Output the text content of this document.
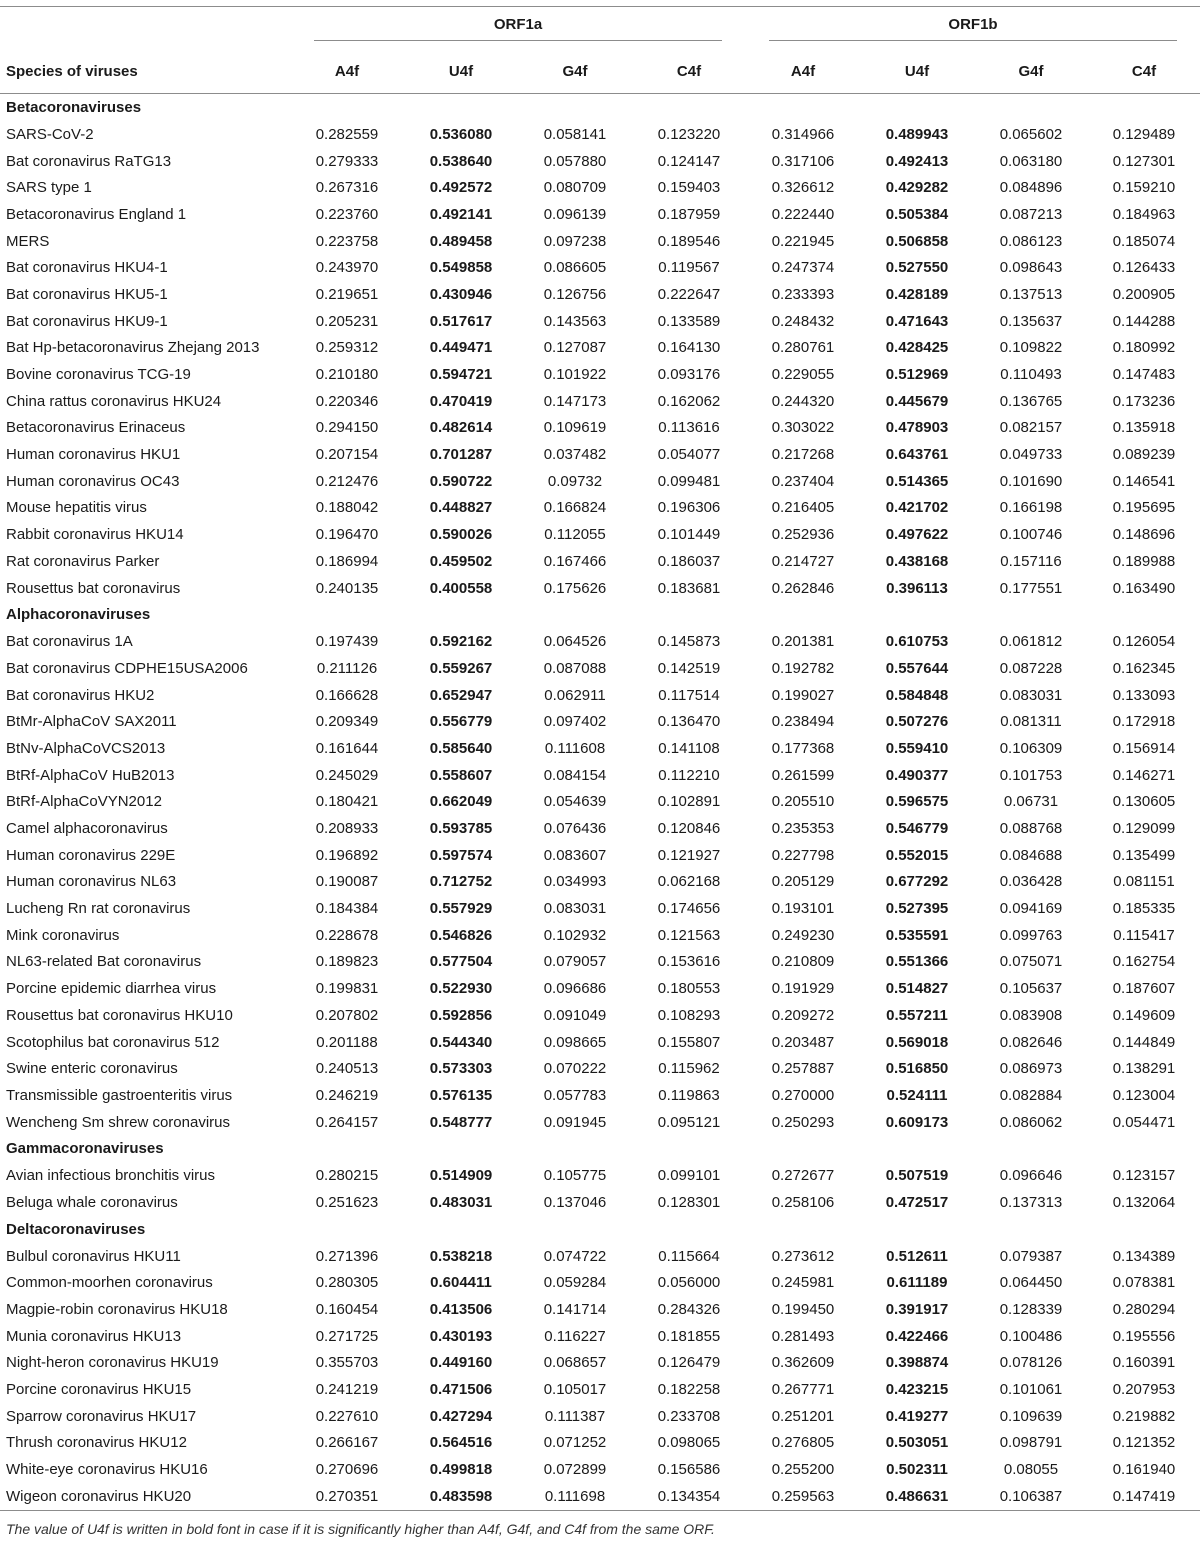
	ORF1a				ORF1b			

Species of viruses	A4f	U4f	G4f	C4f	A4f	U4f	G4f	C4f

Betacoronaviruses								
SARS-CoV-2	0.282559	0.536080	0.058141	0.123220	0.314966	0.489943	0.065602	0.129489
Bat coronavirus RaTG13	0.279333	0.538640	0.057880	0.124147	0.317106	0.492413	0.063180	0.127301
SARS type 1	0.267316	0.492572	0.080709	0.159403	0.326612	0.429282	0.084896	0.159210
Betacoronavirus England 1	0.223760	0.492141	0.096139	0.187959	0.222440	0.505384	0.087213	0.184963
MERS	0.223758	0.489458	0.097238	0.189546	0.221945	0.506858	0.086123	0.185074
Bat coronavirus HKU4-1	0.243970	0.549858	0.086605	0.119567	0.247374	0.527550	0.098643	0.126433
Bat coronavirus HKU5-1	0.219651	0.430946	0.126756	0.222647	0.233393	0.428189	0.137513	0.200905
Bat coronavirus HKU9-1	0.205231	0.517617	0.143563	0.133589	0.248432	0.471643	0.135637	0.144288
Bat Hp-betacoronavirus Zhejang 2013	0.259312	0.449471	0.127087	0.164130	0.280761	0.428425	0.109822	0.180992
Bovine coronavirus TCG-19	0.210180	0.594721	0.101922	0.093176	0.229055	0.512969	0.110493	0.147483
China rattus coronavirus HKU24	0.220346	0.470419	0.147173	0.162062	0.244320	0.445679	0.136765	0.173236
Betacoronavirus Erinaceus	0.294150	0.482614	0.109619	0.113616	0.303022	0.478903	0.082157	0.135918
Human coronavirus HKU1	0.207154	0.701287	0.037482	0.054077	0.217268	0.643761	0.049733	0.089239
Human coronavirus OC43	0.212476	0.590722	0.09732	0.099481	0.237404	0.514365	0.101690	0.146541
Mouse hepatitis virus	0.188042	0.448827	0.166824	0.196306	0.216405	0.421702	0.166198	0.195695
Rabbit coronavirus HKU14	0.196470	0.590026	0.112055	0.101449	0.252936	0.497622	0.100746	0.148696
Rat coronavirus Parker	0.186994	0.459502	0.167466	0.186037	0.214727	0.438168	0.157116	0.189988
Rousettus bat coronavirus	0.240135	0.400558	0.175626	0.183681	0.262846	0.396113	0.177551	0.163490
Alphacoronaviruses								
Bat coronavirus 1A	0.197439	0.592162	0.064526	0.145873	0.201381	0.610753	0.061812	0.126054
Bat coronavirus CDPHE15USA2006	0.211126	0.559267	0.087088	0.142519	0.192782	0.557644	0.087228	0.162345
Bat coronavirus HKU2	0.166628	0.652947	0.062911	0.117514	0.199027	0.584848	0.083031	0.133093
BtMr-AlphaCoV SAX2011	0.209349	0.556779	0.097402	0.136470	0.238494	0.507276	0.081311	0.172918
BtNv-AlphaCoVCS2013	0.161644	0.585640	0.111608	0.141108	0.177368	0.559410	0.106309	0.156914
BtRf-AlphaCoV HuB2013	0.245029	0.558607	0.084154	0.112210	0.261599	0.490377	0.101753	0.146271
BtRf-AlphaCoVYN2012	0.180421	0.662049	0.054639	0.102891	0.205510	0.596575	0.06731	0.130605
Camel alphacoronavirus	0.208933	0.593785	0.076436	0.120846	0.235353	0.546779	0.088768	0.129099
Human coronavirus 229E	0.196892	0.597574	0.083607	0.121927	0.227798	0.552015	0.084688	0.135499
Human coronavirus NL63	0.190087	0.712752	0.034993	0.062168	0.205129	0.677292	0.036428	0.081151
Lucheng Rn rat coronavirus	0.184384	0.557929	0.083031	0.174656	0.193101	0.527395	0.094169	0.185335
Mink coronavirus	0.228678	0.546826	0.102932	0.121563	0.249230	0.535591	0.099763	0.115417
NL63-related Bat coronavirus	0.189823	0.577504	0.079057	0.153616	0.210809	0.551366	0.075071	0.162754
Porcine epidemic diarrhea virus	0.199831	0.522930	0.096686	0.180553	0.191929	0.514827	0.105637	0.187607
Rousettus bat coronavirus HKU10	0.207802	0.592856	0.091049	0.108293	0.209272	0.557211	0.083908	0.149609
Scotophilus bat coronavirus 512	0.201188	0.544340	0.098665	0.155807	0.203487	0.569018	0.082646	0.144849
Swine enteric coronavirus	0.240513	0.573303	0.070222	0.115962	0.257887	0.516850	0.086973	0.138291
Transmissible gastroenteritis virus	0.246219	0.576135	0.057783	0.119863	0.270000	0.524111	0.082884	0.123004
Wencheng Sm shrew coronavirus	0.264157	0.548777	0.091945	0.095121	0.250293	0.609173	0.086062	0.054471
Gammacoronaviruses								
Avian infectious bronchitis virus	0.280215	0.514909	0.105775	0.099101	0.272677	0.507519	0.096646	0.123157
Beluga whale coronavirus	0.251623	0.483031	0.137046	0.128301	0.258106	0.472517	0.137313	0.132064
Deltacoronaviruses								
Bulbul coronavirus HKU11	0.271396	0.538218	0.074722	0.115664	0.273612	0.512611	0.079387	0.134389
Common-moorhen coronavirus	0.280305	0.604411	0.059284	0.056000	0.245981	0.611189	0.064450	0.078381
Magpie-robin coronavirus HKU18	0.160454	0.413506	0.141714	0.284326	0.199450	0.391917	0.128339	0.280294
Munia coronavirus HKU13	0.271725	0.430193	0.116227	0.181855	0.281493	0.422466	0.100486	0.195556
Night-heron coronavirus HKU19	0.355703	0.449160	0.068657	0.126479	0.362609	0.398874	0.078126	0.160391
Porcine coronavirus HKU15	0.241219	0.471506	0.105017	0.182258	0.267771	0.423215	0.101061	0.207953
Sparrow coronavirus HKU17	0.227610	0.427294	0.111387	0.233708	0.251201	0.419277	0.109639	0.219882
Thrush coronavirus HKU12	0.266167	0.564516	0.071252	0.098065	0.276805	0.503051	0.098791	0.121352
White-eye coronavirus HKU16	0.270696	0.499818	0.072899	0.156586	0.255200	0.502311	0.08055	0.161940
Wigeon coronavirus HKU20	0.270351	0.483598	0.111698	0.134354	0.259563	0.486631	0.106387	0.147419

The value of U4f is written in bold font in case if it is significantly higher than A4f, G4f, and C4f from the same ORF.
